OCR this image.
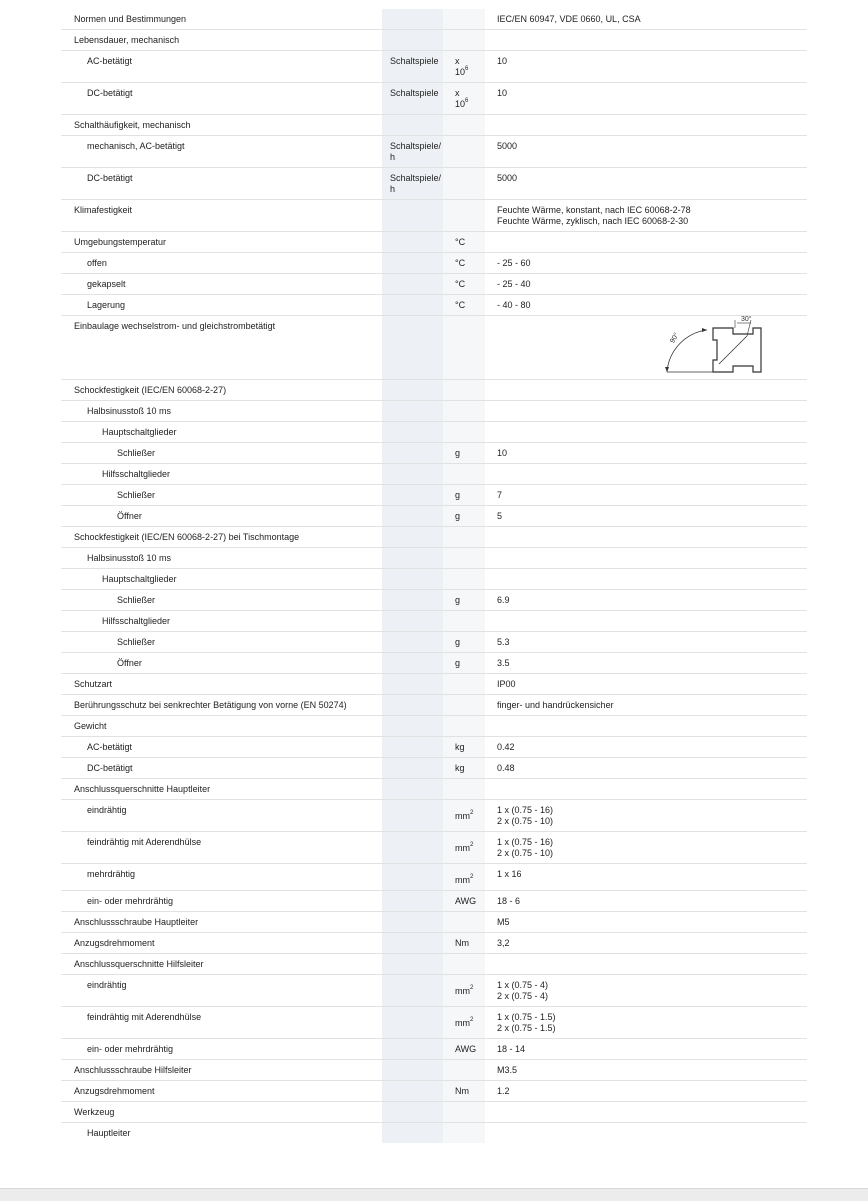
Normen und Bestimmungen			IEC/EN 60947, VDE 0660, UL, CSA

Lebensdauer, mechanisch	

AC-betätigt	Schaltspiele	x
$10^6$	10

DC-betätigt	Schaltspiele	x
$10^6$	10

Schalthäufigkeit, mechanisch	

mechanisch, AC-betätigt	Schaltspiele/
h		5000

DC-betätigt	Schaltspiele/
h		5000

Klimafestigkeit			Feuchte Wärme, konstant, nach IEC 60068-2-78
Feuchte Wärme, zyklisch, nach IEC 60068-2-30

Umgebungstemperatur		°C	

offen		°C	- 25 - 60

gekapselt		°C	- 25 - 40

Lagerung		°C	- 40 - 80

Einbaulage wechselstrom- und gleichstrombetätigt			30°
90°

Schockfestigkeit (IEC/EN 60068-2-27)	

Halbsinusstoß 10 ms	

Hauptschaltglieder	

Schließer		g	10

Hilfsschaltglieder	

Schließer		g	7

Öffner		g	5

Schockfestigkeit (IEC/EN 60068-2-27) bei Tischmontage	

Halbsinusstoß 10 ms	

Hauptschaltglieder	

Schließer		g	6.9

Hilfsschaltglieder	

Schließer		g	5.3

Öffner		g	3.5

Schutzart			IP00

Berührungsschutz bei senkrechter Betätigung von vorne (EN 50274)			finger- und handrückensicher

Gewicht	

AC-betätigt		kg	0.42

DC-betätigt		kg	0.48

Anschlussquerschnitte Hauptleiter	

eindrähtig		$mm^2$	1 x (0.75 - 16)
2 x (0.75 - 10)

feindrähtig mit Aderendhülse		$mm^2$	1 x (0.75 - 16)
2 x (0.75 - 10)

mehrdrähtig		$mm^2$	1 x 16

ein- oder mehrdrähtig		AWG	18 - 6

Anschlussschraube Hauptleiter			M5

Anzugsdrehmoment		Nm	3,2

Anschlussquerschnitte Hilfsleiter	

eindrähtig		$mm^2$	1 x (0.75 - 4)
2 x (0.75 - 4)

feindrähtig mit Aderendhülse		$mm^2$	1 x (0.75 - 1.5)
2 x (0.75 - 1.5)

ein- oder mehrdrähtig		AWG	18 - 14

Anschlussschraube Hilfsleiter			M3.5

Anzugsdrehmoment		Nm	1.2

Werkzeug	

Hauptleiter	
